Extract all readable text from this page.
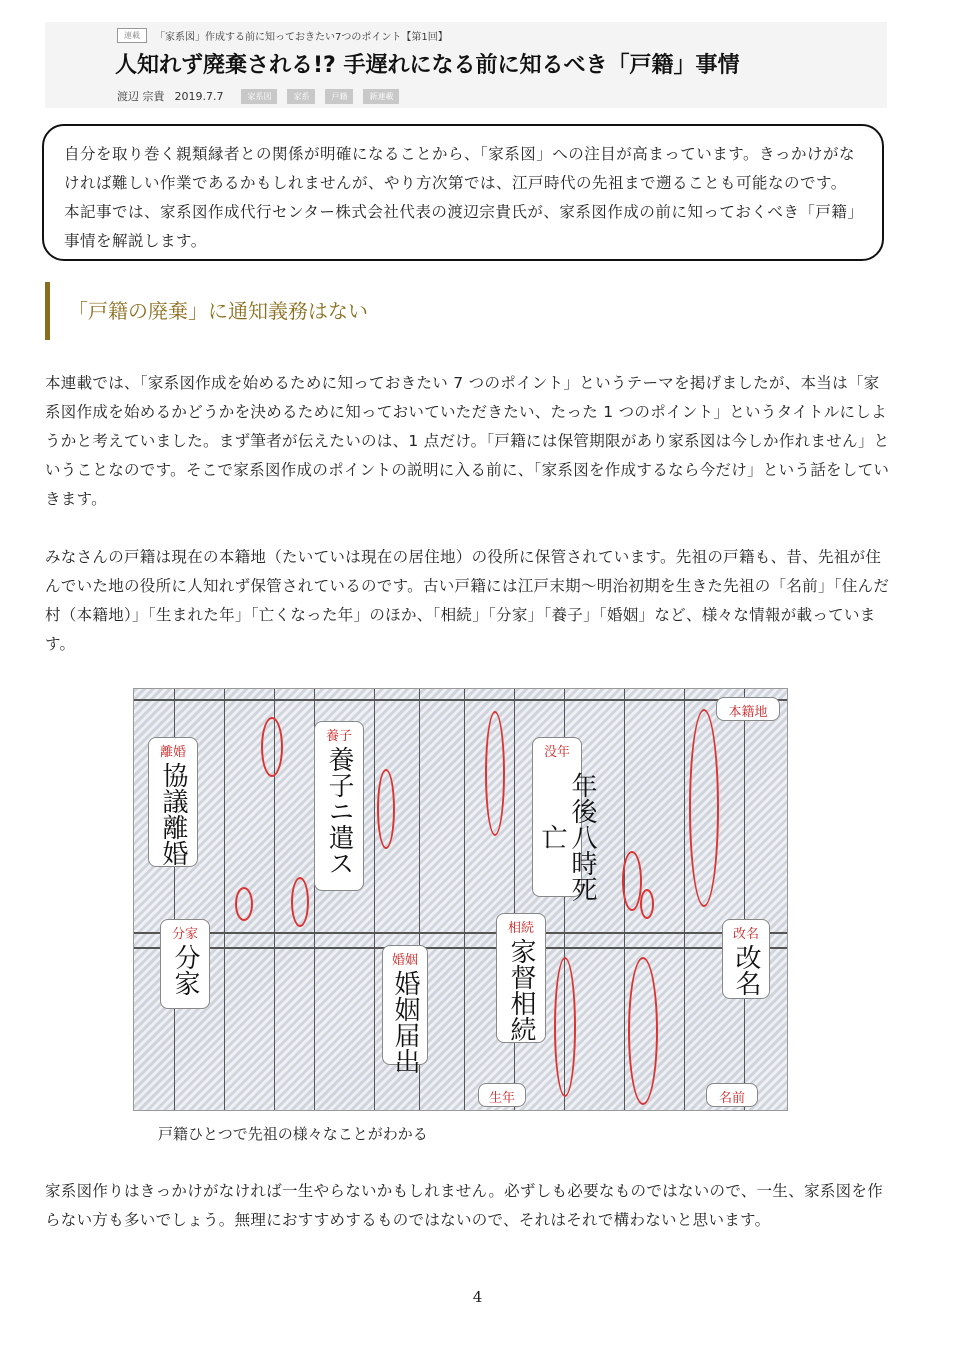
連載	「家系図」作成する前に知っておきたい7つのポイント【第1回】
人知れず廃棄される!? 手遅れになる前に知るべき「戸籍」事情
渡辺 宗貴 2019.7.7	家系図	家系	戸籍	新連載
自分を取り巻く親類縁者との関係が明確になることから、「家系図」への注目が高まっています。きっかけがなければ難しい作業であるかもしれませんが、やり方次第では、江戸時代の先祖まで遡ることも可能なのです。本記事では、家系図作成代行センター株式会社代表の渡辺宗貴氏が、家系図作成の前に知っておくべき「戸籍」事情を解説します。
「戸籍の廃棄」に通知義務はない

本連載では、「家系図作成を始めるために知っておきたい 7 つのポイント」というテーマを掲げましたが、本当は「家系図作成を始めるかどうかを決めるために知っておいていただきたい、たった 1 つのポイント」というタイトルにしようかと考えていました。まず筆者が伝えたいのは、1 点だけ。「戸籍には保管期限があり家系図は今しか作れません」ということなのです。そこで家系図作成のポイントの説明に入る前に、「家系図を作成するなら今だけ」という話をしていきます。

みなさんの戸籍は現在の本籍地（たいていは現在の居住地）の役所に保管されています。先祖の戸籍も、昔、先祖が住んでいた地の役所に人知れず保管されているのです。古い戸籍には江戸末期〜明治初期を生きた先祖の「名前」「住んだ村（本籍地）」「生まれた年」「亡くなった年」のほか、「相続」「分家」「養子」「婚姻」など、様々な情報が載っています。

離婚
協議離婚
養子
養子ニ遣ス	没年
年後八時死亡
本籍地
分家
分家	婚姻
婚姻届出
相続
家督相続
改名
改名
生年	名前
戸籍ひとつで先祖の様々なことがわかる

家系図作りはきっかけがなければ一生やらないかもしれません。必ずしも必要なものではないので、一生、家系図を作らない方も多いでしょう。無理におすすめするものではないので、それはそれで構わないと思います。

4
